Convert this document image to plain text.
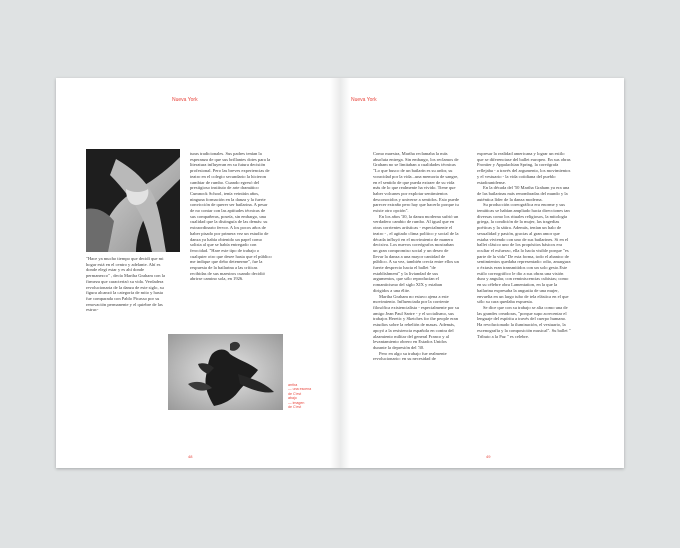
Nueva York

"Hace ya mucho tiempo que decidí que mi hogar está en el centro y adelante. Ahí es donde elegí estar y es ahí donde permanezco" , decía Martha Graham con la firmeza que caracterizó su vida. Verdadera revolucionaria de la danza de este siglo, su figura alcanzó la categoría de mito y hasta fue comparada con Pablo Picasso por su renovación permanente y el quiebre de las estruc-

turas tradicionales. Sus padres tenían la esperanza de que sus brillantes dotes para la literatura influyeran en su futura decisión profesional. Pero las breves experiencias de teatro en el colegio secundario la hicieron cambiar de rumbo. Cuando egresó del prestigioso instituto de arte dramático Cumnock School, tenía veintiún años, ninguna formación en la danza y la fuerte convicción de querer ser bailarina. A pesar de no contar con las aptitudes técnicas de sus compañeras, poseía, sin embargo, una cualidad que la distinguía de las demás: su extraordinario fervor. A los pocos años de haber pisado por primera vez un estudio de danza ya había obtenido un papel como solista al que se había entregado con ferocidad. "Hare este tipo de trabajo o cualquier otro que desee hasta que el público me indique que debo detenerme", fue la respuesta de la bailarina a las críticas recibidas de sus maestros cuando decidió abrirse camino sola, en 1926.

arriba
— una escena
de C'est
abajo
— imagen
de C'est
48
Nueva York

Como maestra, Martha reclamaba la más absoluta entrega. Sin embargo, los reclamos de Graham no se limitaban a cualidades técnicas "Lo que busco de un bailarín es su ardor, su voracidad por la vida...una memoria de sangre, en el sentido de que pueda extraer de su vida más de lo que realmente ha vivido. Tiene que haber volcanes por explotar sentimientos desconocidos y universe a sentidos. Esto puede parecer extraño pero hay que hacerlo porque tu existe otro opción".

En los años '30, la danza moderna sufrió un verdadero cambio de rumbo. Al igual que en otras corrientes artísticas - especialmente el teatro - , el agitado clima político y social de la década influyó en el movimiento de manera decisiva. Los nuevos coreógrafos mostraban un gran compromiso social y un deseo de llevar la danza a una mayor cantidad de público. A su vez, también crecía entre ellos un fuerte desprecio hacia el ballet "de establishment" y la liviandad de sus argumentos, que sólo reproducían el romanticismo del siglo XIX y estaban dirigidos a una élite.

Martha Graham no estuvo ajena a este movimiento. Influenciada por la corriente filosófica existencialista - especialmente por su amigo Jean Paul Sartre - y el socialismo, sus trabajos Heretic y Sketches for the people eran estudios sobre la rebelión de masas. Además, apoyó a la resistencia española en contra del alzamiento militar del general Franco y al levantamiento obrero en Estados Unidos durante la depresión del '30.

Pero en algo su trabajo fue realmente revolucionario: en su necesidad de

expresar la realidad americana y lograr un estilo que se diferenciase del ballet europeo. En sus obras Frontier y Appalachian Spring, la coreógrafa reflejaba - a través del argumento, los movimientos y el vestuario - la vida cotidiana del pueblo estadounidense.

En la década del '50 Martha Graham ya era una de las bailarinas más renombradas del mundo y la auténtica líder de la danza moderna.

Su producción coreográfica era enorme y sus temáticas se habían ampliado hacia direcciones tan diversas como los rituales religiosos, la mitología griega, la condición de la mujer, las tragedias poéticas y la sátira. Además, tenían un halo de sexualidad y pasión, gracias al gran amor que estaba viviendo con uno de sus bailarines. Si en el ballet clásico uno de los propósitos básicos era ocultar el esfuerzo, ella lo hacía visible porque "es parte de la vida" De esta forma, todo el abanico de sentimientos quedaba representado: odio, amargura o éxtasis eran transmitidos con un solo gesto.Este estilo coreográfico le dio a sus obras una visión dura y angular, con reminiscencias cubistas; como en su célebre obra Lamentation, en la que la bailarina expresaba la angustia de una mujer, envuelta en un largo tubo de tela elástica en el que sólo su cara quedaba expuesta.

Se dice que con su trabajo se alia como una de las grandes creadoras, "porque supo acrecentar el lenguaje del espíritu a través del cuerpo humano. Ha revolucionado la iluminación, el vestuario, la escenografía y la composición musical". Su ballet " Tributo a la Paz " es celebre.

49
